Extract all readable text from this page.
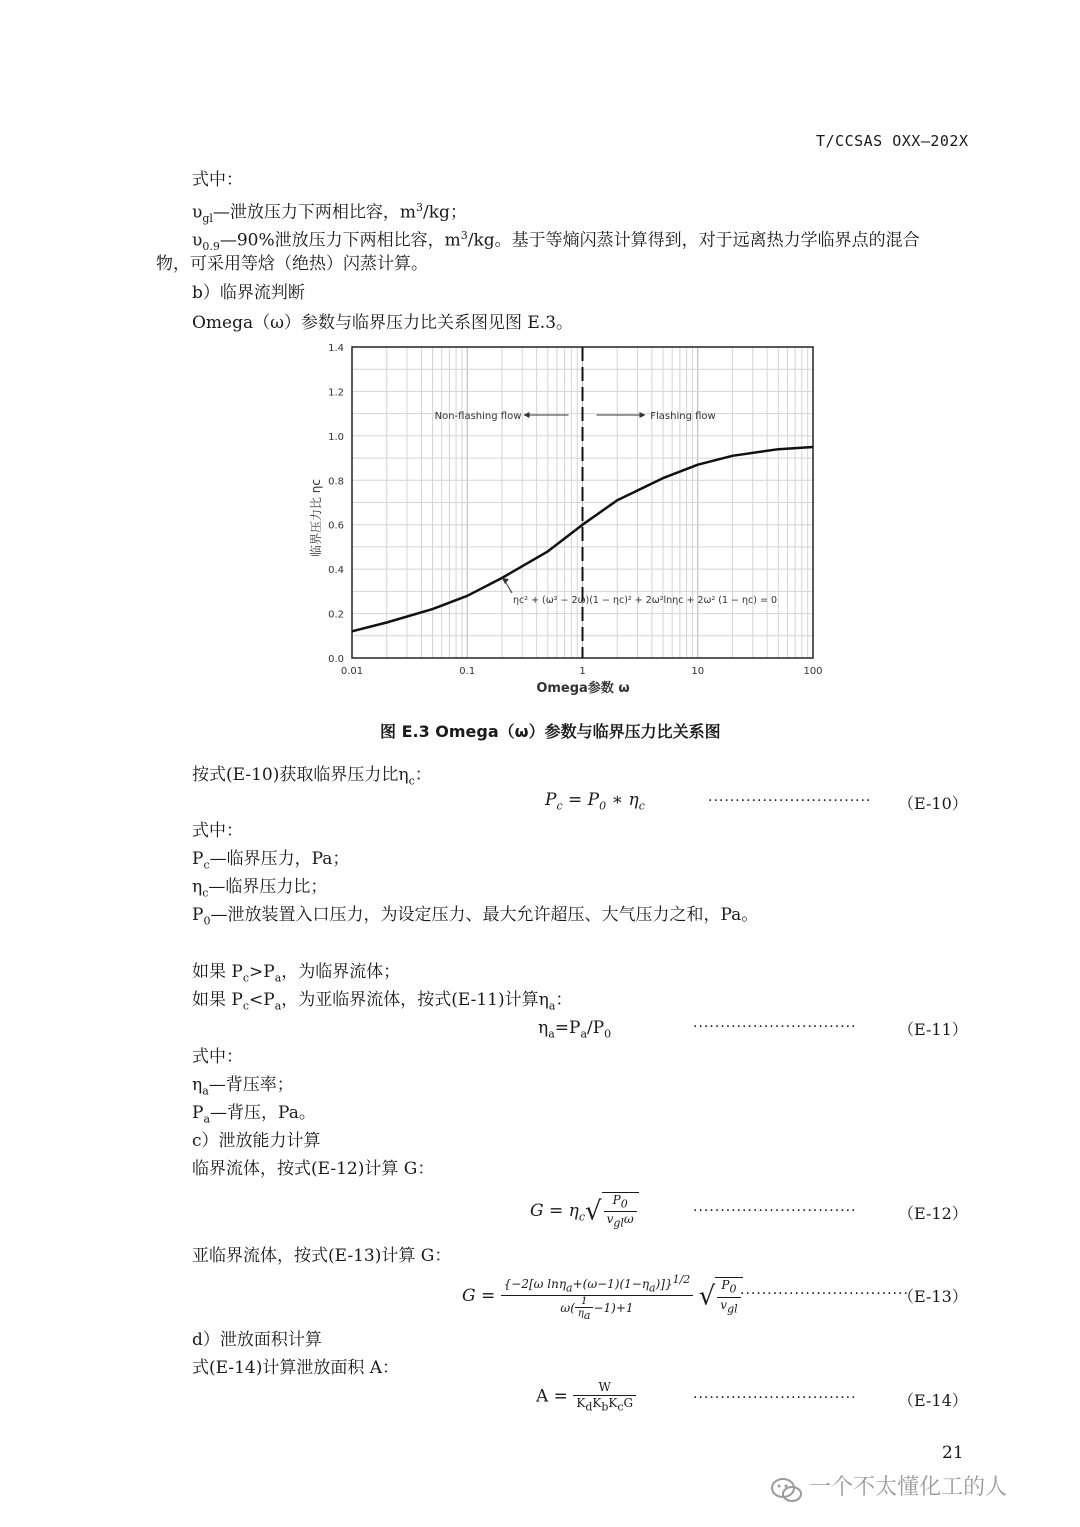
T/CCSAS OXX—202X
式中：
$\upsilon_{gl}—$泄放压力下两相比容，$m^3/kg$；
$\upsilon_{0.9}—90\%$泄放压力下两相比容，$m^3/kg$。基于等熵闪蒸计算得到，对于远离热力学临界点的混合
物，可采用等焓（绝热）闪蒸计算。
b）临界流判断
Omega（ω）参数与临界压力比关系图见图 E.3。
0.01	0.1	1	10	100
0.0
0.2
0.4
0.6
0.8
1.0
1.2
1.4
临界压力比 ηc
Omega参数 ω
Non-flashing flow	Flashing flow
ηc² + (ω² − 2ω)(1 − ηc)² + 2ω²lnηc + 2ω² (1 − ηc) = 0
图 E.3 Omega（ω）参数与临界压力比关系图
按式(E-10)获取临界压力比$\eta_c$：
$P_c = P_0$ ∗ $\eta_c$	······························ （E-10）
式中：
$P_c—$临界压力，Pa；
$\eta_c—$临界压力比；
$P_0—$泄放装置入口压力，为设定压力、最大允许超压、大气压力之和，Pa。
如果 $P_c>P_a$，为临界流体；
如果 $P_c<P_a$，为亚临界流体，按式(E-11)计算$\eta_a$：
$\eta_a=P_a/P_0$	······························	（E-11）
式中：
$\eta_a—$背压率；
$P_a—$背压，Pa。
c）泄放能力计算
临界流体，按式(E-12)计算 G：
$G = \eta_c√ \frac{P_0}{v_{gl}\omega}$	······························	（E-12）
亚临界流体，按式(E-13)计算 G：
$G = \frac{\{-2[\omega \ln\eta_a+(\omega-1)(1-\eta_a)]\}^{1/2}}{\omega( \frac{1}{\eta_a} -1)+1}$ √ $\frac{P_0}{v_{gl}}$ ·······························
（E-13）
d）泄放面积计算
式(E-14)计算泄放面积 A：
$A = \frac{W}{K_dK_bK_cG}$	······························	（E-14）
21
一个不太懂化工的人
